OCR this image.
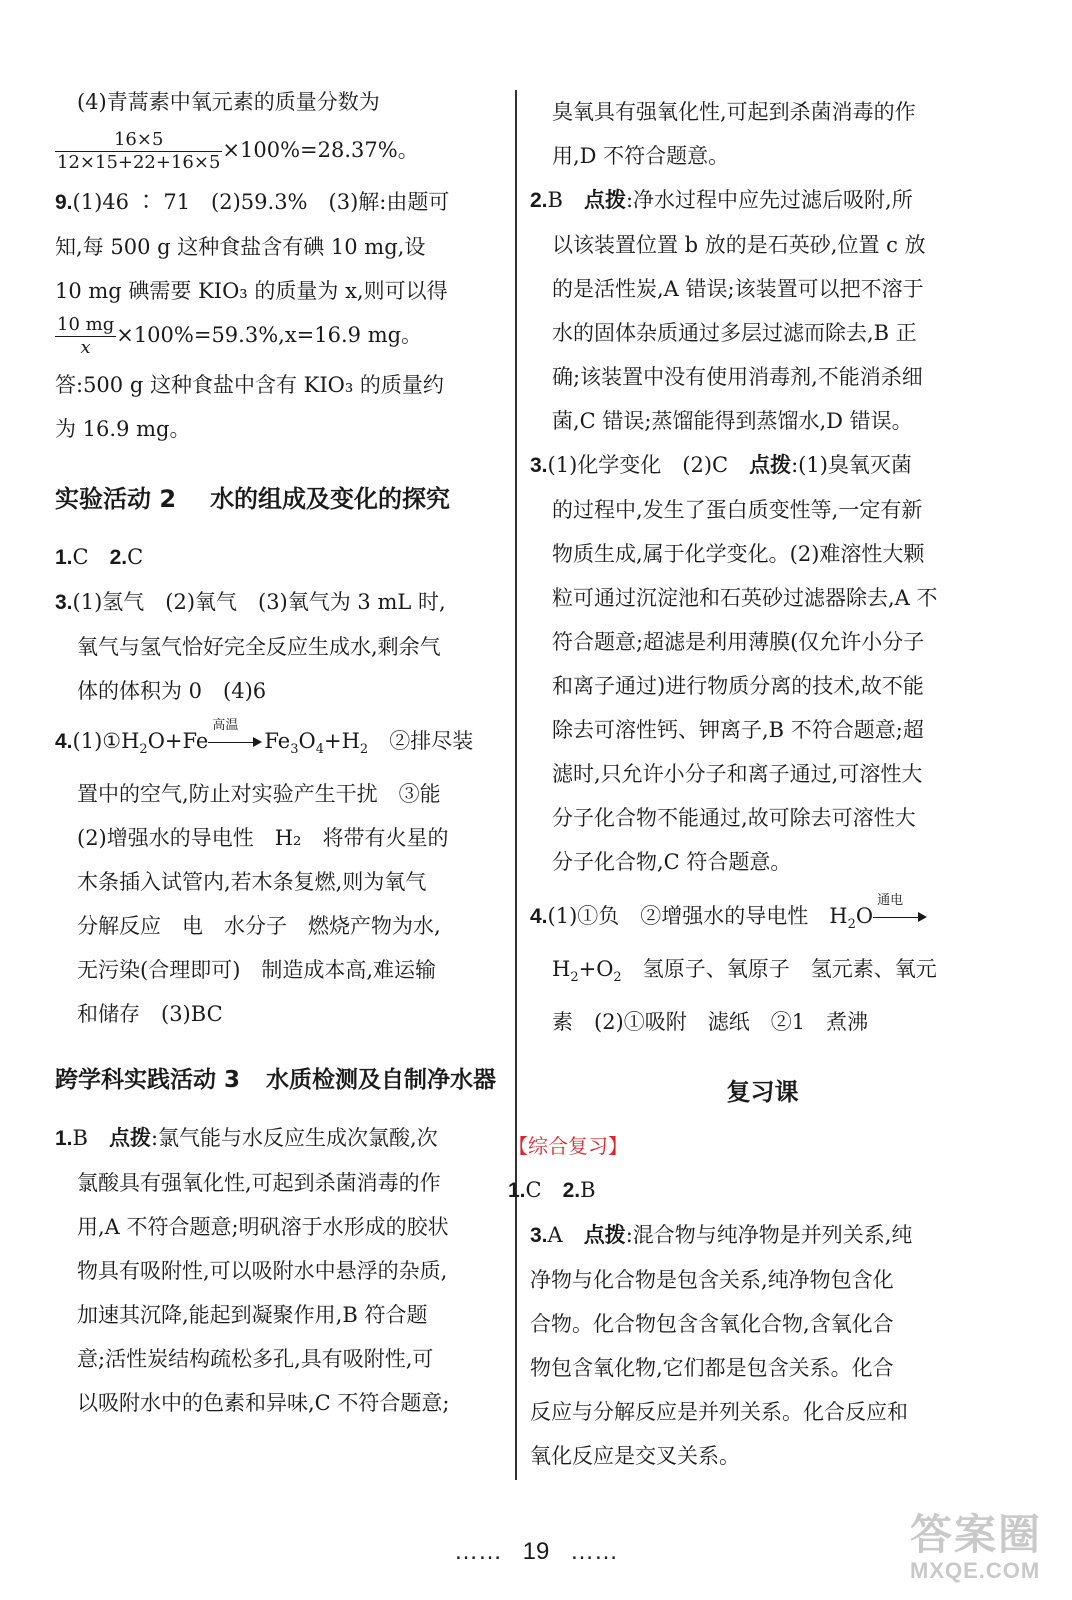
(4)青蒿素中氧元素的质量分数为

$\frac{16\times 5}{12\times 15+22+16\times 5} \times 100\%=28.37\%$。

9.(1)46 ∶ 71　(2)59.3%　(3)解:由题可

知,每 500 g 这种食盐含有碘 10 mg,设

10 mg 碘需要 KIO₃ 的质量为 x,则可以得

$\frac{10 mg}{x} \times 100\%=59.3\%,x=16.9$ mg。

答:500 g 这种食盐中含有 KIO₃ 的质量约

为 16.9 mg。

实验活动 2 水的组成及变化的探究

1.C　2.C

3.(1)氢气　(2)氧气　(3)氧气为 3 mL 时,

氧气与氢气恰好完全反应生成水,剩余气

体的体积为 0　(4)6

$4.(1)①H_2O+Fe$
高温
$Fe_3O_4+H_2$　②排尽装

置中的空气,防止对实验产生干扰　③能

(2)增强水的导电性　H₂　将带有火星的

木条插入试管内,若木条复燃,则为氧气

分解反应　电　水分子　燃烧产物为水,

无污染(合理即可)　制造成本高,难运输

和储存　(3)BC

跨学科实践活动 3 水质检测及自制净水器

1.B　点拨:氯气能与水反应生成次氯酸,次

氯酸具有强氧化性,可起到杀菌消毒的作

用,A 不符合题意;明矾溶于水形成的胶状

物具有吸附性,可以吸附水中悬浮的杂质,

加速其沉降,能起到凝聚作用,B 符合题

意;活性炭结构疏松多孔,具有吸附性,可

以吸附水中的色素和异味,C 不符合题意;

臭氧具有强氧化性,可起到杀菌消毒的作

用,D 不符合题意。

2.B　点拨:净水过程中应先过滤后吸附,所

以该装置位置 b 放的是石英砂,位置 c 放

的是活性炭,A 错误;该装置可以把不溶于

水的固体杂质通过多层过滤而除去,B 正

确;该装置中没有使用消毒剂,不能消杀细

菌,C 错误;蒸馏能得到蒸馏水,D 错误。

3.(1)化学变化　(2)C　点拨:(1)臭氧灭菌

的过程中,发生了蛋白质变性等,一定有新

物质生成,属于化学变化。(2)难溶性大颗

粒可通过沉淀池和石英砂过滤器除去,A 不

符合题意;超滤是利用薄膜(仅允许小分子

和离子通过)进行物质分离的技术,故不能

除去可溶性钙、钾离子,B 不符合题意;超

滤时,只允许小分子和离子通过,可溶性大

分子化合物不能通过,故可除去可溶性大

分子化合物,C 符合题意。

4.(1)①负　②增强水的导电性　$H_2O$
通电

$H_2+O_2$　氢原子、氧原子　氢元素、氧元

素　(2)①吸附　滤纸　②1　煮沸

复习课
【综合复习】

1.C　2.B

3.A　点拨:混合物与纯净物是并列关系,纯

净物与化合物是包含关系,纯净物包含化

合物。化合物包含含氧化合物,含氧化合

物包含氧化物,它们都是包含关系。化合

反应与分解反应是并列关系。化合反应和

氧化反应是交叉关系。

…… 19 ……	答案圈
MXQE.COM
